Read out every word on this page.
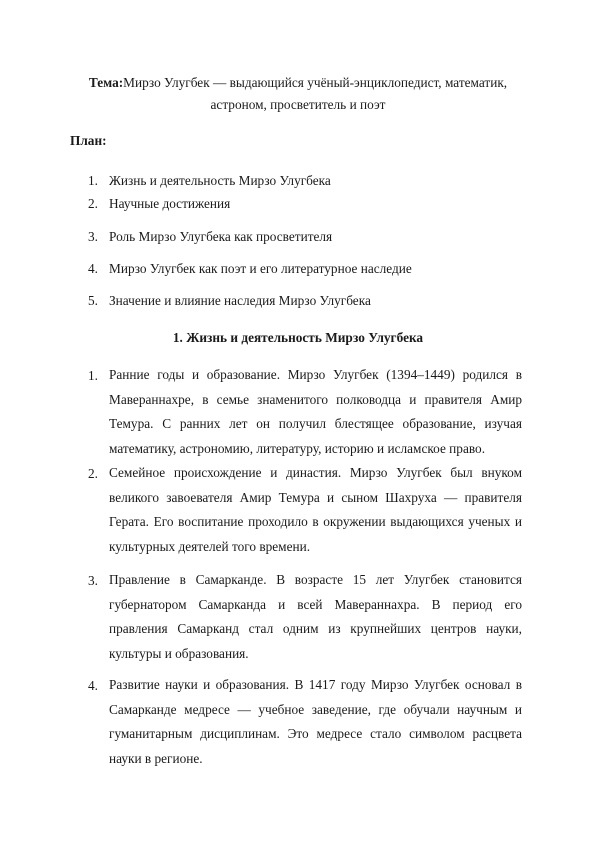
Тема:Мирзо Улугбек — выдающийся учёный-энциклопедист, математик, астроном, просветитель и поэт
План:
1. Жизнь и деятельность Мирзо Улугбека
2. Научные достижения
3. Роль Мирзо Улугбека как просветителя
4. Мирзо Улугбек как поэт и его литературное наследие
5. Значение и влияние наследия Мирзо Улугбека
1. Жизнь и деятельность Мирзо Улугбека
1. Ранние годы и образование. Мирзо Улугбек (1394–1449) родился в Мавераннахре, в семье знаменитого полководца и правителя Амир Темура. С ранних лет он получил блестящее образование, изучая математику, астрономию, литературу, историю и исламское право.
2. Семейное происхождение и династия. Мирзо Улугбек был внуком великого завоевателя Амир Темура и сыном Шахруха — правителя Герата. Его воспитание проходило в окружении выдающихся ученых и культурных деятелей того времени.
3. Правление в Самарканде. В возрасте 15 лет Улугбек становится губернатором Самарканда и всей Мавераннахра. В период его правления Самарканд стал одним из крупнейших центров науки, культуры и образования.
4. Развитие науки и образования. В 1417 году Мирзо Улугбек основал в Самарканде медресе — учебное заведение, где обучали научным и гуманитарным дисциплинам. Это медресе стало символом расцвета науки в регионе.
